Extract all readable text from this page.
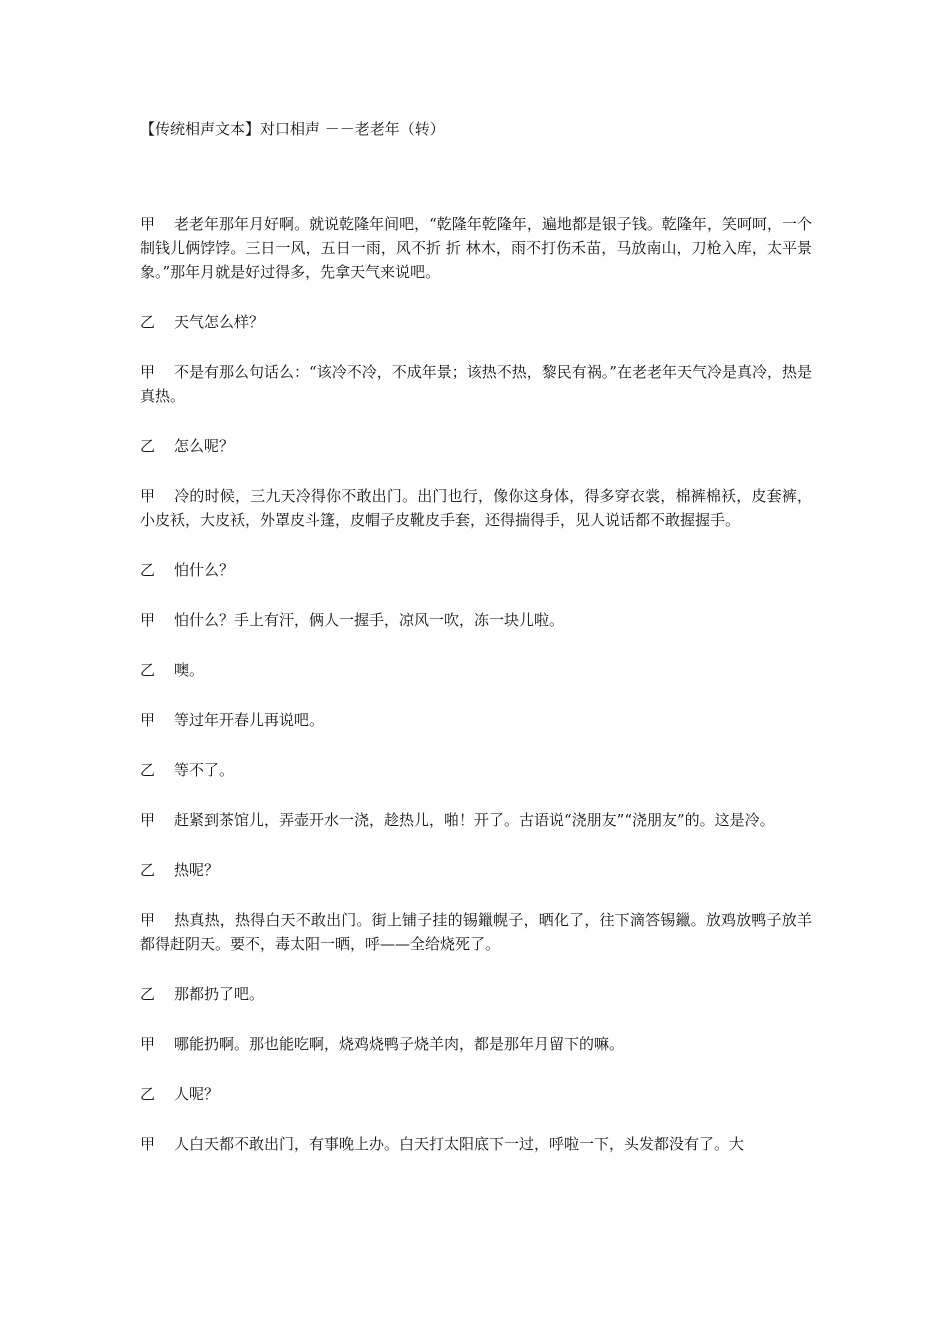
【传统相声文本】对口相声 －－老老年（转）

甲 老老年那年月好啊。就说乾隆年间吧，“乾隆年乾隆年，遍地都是银子钱。乾隆年，笑呵呵，一个制钱儿俩饽饽。三日一风，五日一雨，风不折 折 林木，雨不打伤禾苗，马放南山，刀枪入库，太平景象。”那年月就是好过得多，先拿天气来说吧。

乙 天气怎么样？

甲 不是有那么句话么：“该冷不冷，不成年景；该热不热，黎民有祸。”在老老年天气冷是真冷，热是真热。

乙 怎么呢？

甲 冷的时候，三九天冷得你不敢出门。出门也行，像你这身体，得多穿衣裳，棉裤棉袄，皮套裤，小皮袄，大皮袄，外罩皮斗篷，皮帽子皮靴皮手套，还得揣得手，见人说话都不敢握握手。

乙 怕什么？

甲 怕什么？手上有汗，俩人一握手，凉风一吹，冻一块儿啦。

乙 噢。

甲 等过年开春儿再说吧。

乙 等不了。

甲 赶紧到茶馆儿，弄壶开水一浇，趁热儿，啪！开了。古语说“浇朋友”“浇朋友”的。这是冷。

乙 热呢？

甲 热真热，热得白天不敢出门。街上铺子挂的锡鑞幌子，晒化了，往下滴答锡鑞。放鸡放鸭子放羊都得赶阴天。要不，毒太阳一晒，呼——全给烧死了。

乙 那都扔了吧。

甲 哪能扔啊。那也能吃啊，烧鸡烧鸭子烧羊肉，都是那年月留下的嘛。

乙 人呢？

甲 人白天都不敢出门，有事晚上办。白天打太阳底下一过，呼啦一下，头发都没有了。大
